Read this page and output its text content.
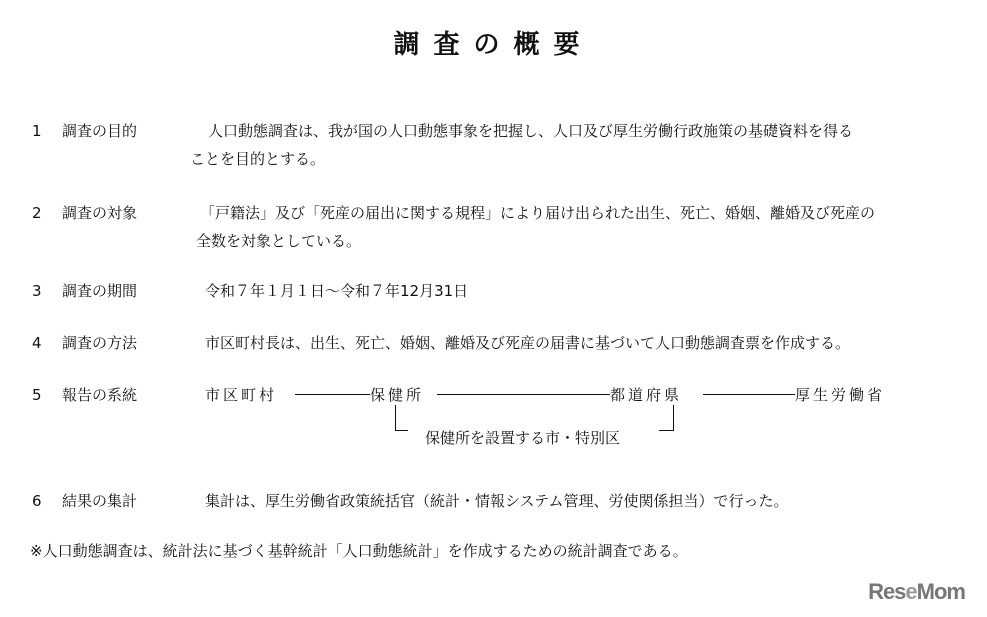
調査の概要
1 調査の目的	人口動態調査は、我が国の人口動態事象を把握し、人口及び厚生労働行政施策の基礎資料を得る
ことを目的とする。
2 調査の対象	「戸籍法」及び「死産の届出に関する規程」により届け出られた出生、死亡、婚姻、離婚及び死産の
全数を対象としている。
3 調査の期間	令和７年１月１日～令和７年12月31日
4 調査の方法	市区町村長は、出生、死亡、婚姻、離婚及び死産の届書に基づいて人口動態調査票を作成する。
5 報告の系統	市区町村	保健所	都道府県	厚生労働省
保健所を設置する市・特別区
6 結果の集計	集計は、厚生労働省政策統括官（統計・情報システム管理、労使関係担当）で行った。
※人口動態調査は、統計法に基づく基幹統計「人口動態統計」を作成するための統計調査である。
ReseMom
